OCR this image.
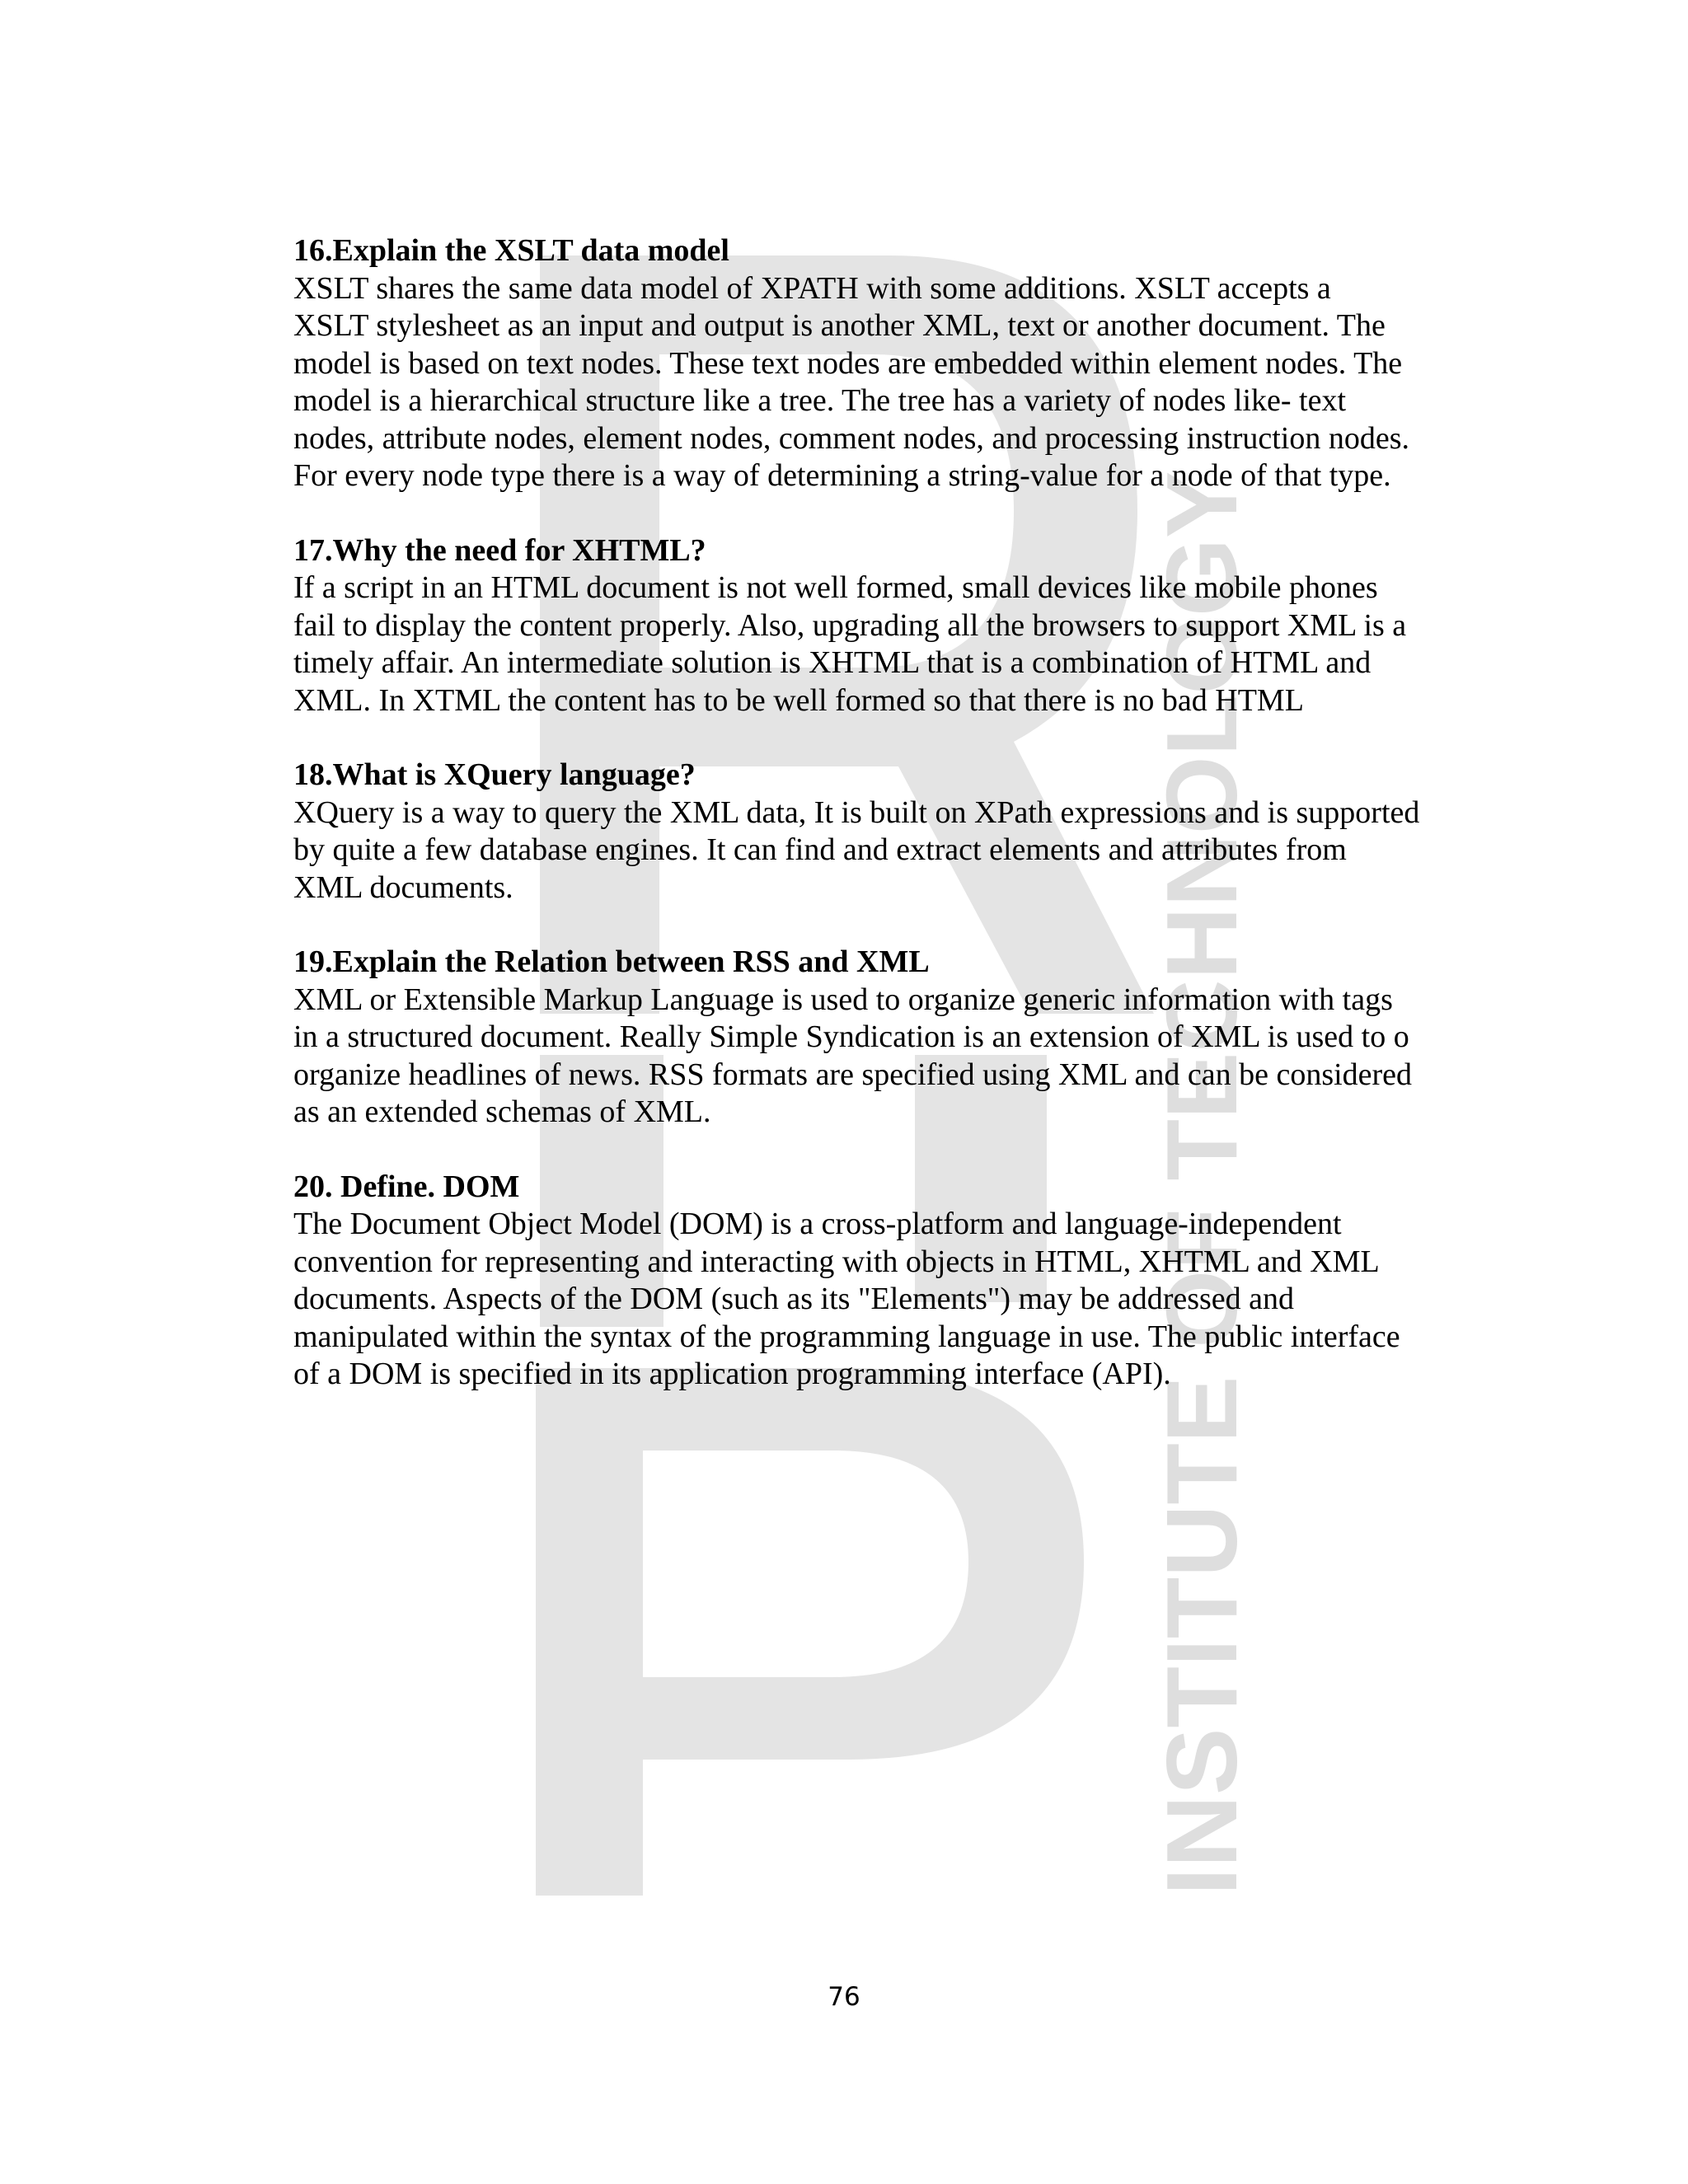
INSTITUTE OF TECHNOLOGY

16.Explain the XSLT data model

XSLT shares the same data model of XPATH with some additions. XSLT accepts a

XSLT stylesheet as an input and output is another XML, text or another document. The

model is based on text nodes. These text nodes are embedded within element nodes. The

model is a hierarchical structure like a tree. The tree has a variety of nodes like- text

nodes, attribute nodes, element nodes, comment nodes, and processing instruction nodes.

For every node type there is a way of determining a string-value for a node of that type.

17.Why the need for XHTML?

If a script in an HTML document is not well formed, small devices like mobile phones

fail to display the content properly. Also, upgrading all the browsers to support XML is a

timely affair. An intermediate solution is XHTML that is a combination of HTML and

XML. In XTML the content has to be well formed so that there is no bad HTML

18.What is XQuery language?

XQuery is a way to query the XML data, It is built on XPath expressions and is supported

by quite a few database engines. It can find and extract elements and attributes from

XML documents.

19.Explain the Relation between RSS and XML

XML or Extensible Markup Language is used to organize generic information with tags

in a structured document. Really Simple Syndication is an extension of XML is used to o

organize headlines of news. RSS formats are specified using XML and can be considered

as an extended schemas of XML.

20. Define. DOM

The Document Object Model (DOM) is a cross-platform and language-independent

convention for representing and interacting with objects in HTML, XHTML and XML

documents. Aspects of the DOM (such as its "Elements") may be addressed and

manipulated within the syntax of the programming language in use. The public interface

of a DOM is specified in its application programming interface (API).

76
